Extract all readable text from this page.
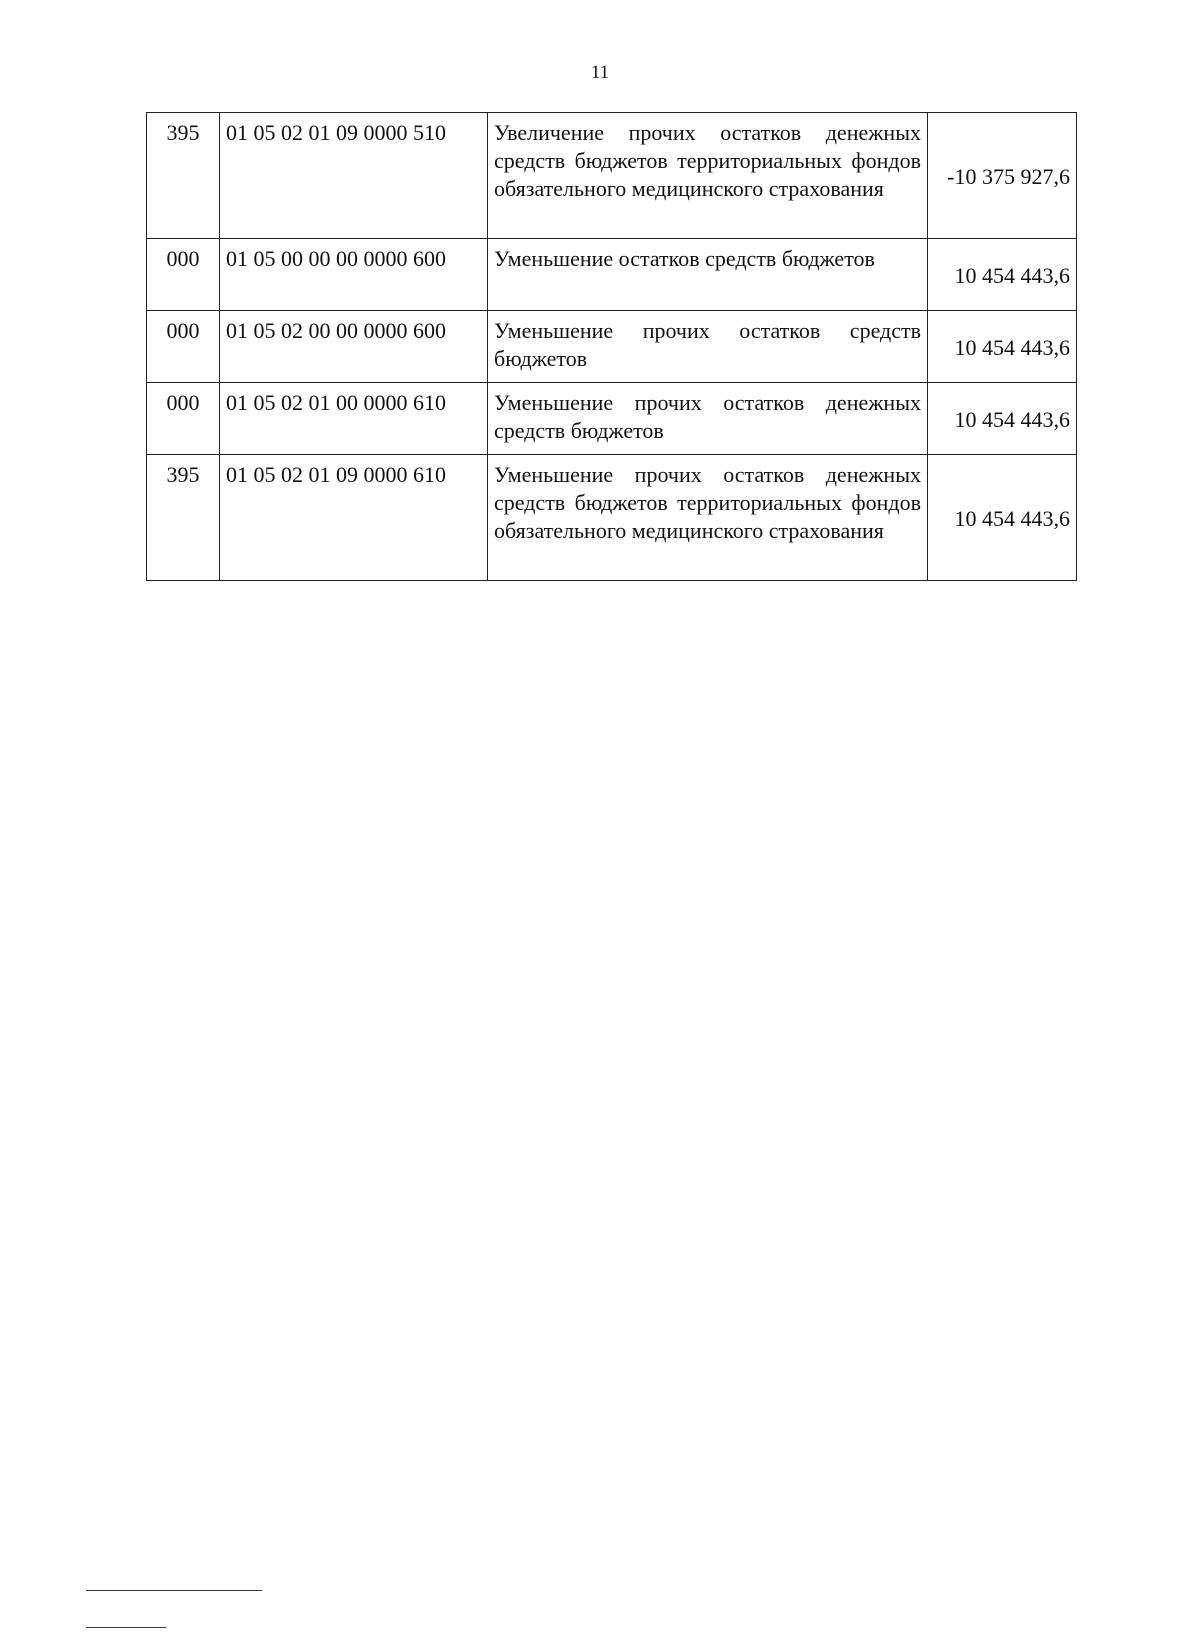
11
395	01 05 02 01 09 0000 510	Увеличение прочих остатков денежных средств бюджетов территориальных фондов обязательного медицинского страхования	-10 375 927,6
000	01 05 00 00 00 0000 600	Уменьшение остатков средств бюджетов	10 454 443,6
000	01 05 02 00 00 0000 600	Уменьшение прочих остатков средств бюджетов	10 454 443,6
000	01 05 02 01 00 0000 610	Уменьшение прочих остатков денежных средств бюджетов	10 454 443,6
395	01 05 02 01 09 0000 610	Уменьшение прочих остатков денежных средств бюджетов территориальных фондов обязательного медицинского страхования	10 454 443,6
